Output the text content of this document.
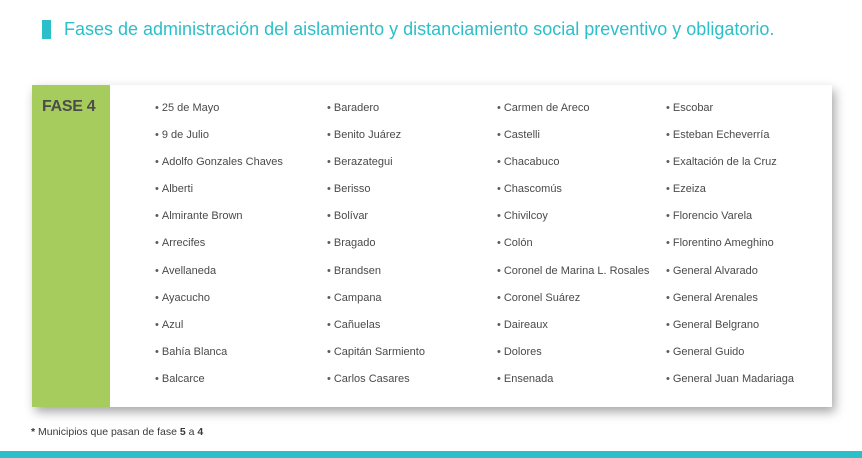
Fases de administración del aislamiento y distanciamiento social preventivo y obligatorio.
FASE 4	• 25 de Mayo
• 9 de Julio
• Adolfo Gonzales Chaves
• Alberti
• Almirante Brown
• Arrecifes
• Avellaneda
• Ayacucho
• Azul
• Bahía Blanca
• Balcarce
• Baradero
• Benito Juárez
• Berazategui
• Berisso
• Bolívar
• Bragado
• Brandsen
• Campana
• Cañuelas
• Capitán Sarmiento
• Carlos Casares
• Carmen de Areco
• Castelli
• Chacabuco
• Chascomús
• Chivilcoy
• Colón
• Coronel de Marina L. Rosales
• Coronel Suárez
• Daireaux
• Dolores
• Ensenada
• Escobar
• Esteban Echeverría
• Exaltación de la Cruz
• Ezeiza
• Florencio Varela
• Florentino Ameghino
• General Alvarado
• General Arenales
• General Belgrano
• General Guido
• General Juan Madariaga
* Municipios que pasan de fase 5 a 4
